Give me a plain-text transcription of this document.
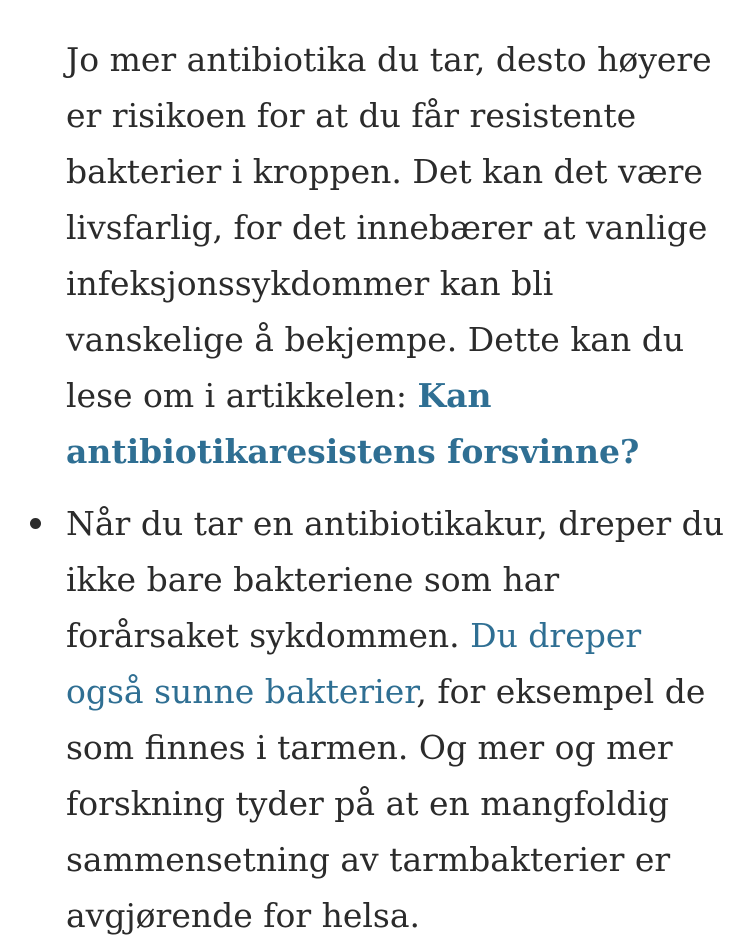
Jo mer antibiotika du tar, desto høyere er risikoen for at du får resistente bakterier i kroppen. Det kan det være livsfarlig, for det innebærer at vanlige infeksjonssykdommer kan bli vanskelige å bekjempe. Dette kan du lese om i artikkelen: Kan antibiotikaresistens forsvinne?

Når du tar en antibiotikakur, dreper du ikke bare bakteriene som har forårsaket sykdommen. Du dreper også sunne bakterier, for eksempel de som finnes i tarmen. Og mer og mer forskning tyder på at en mangfoldig sammensetning av tarmbakterier er avgjørende for helsa.
